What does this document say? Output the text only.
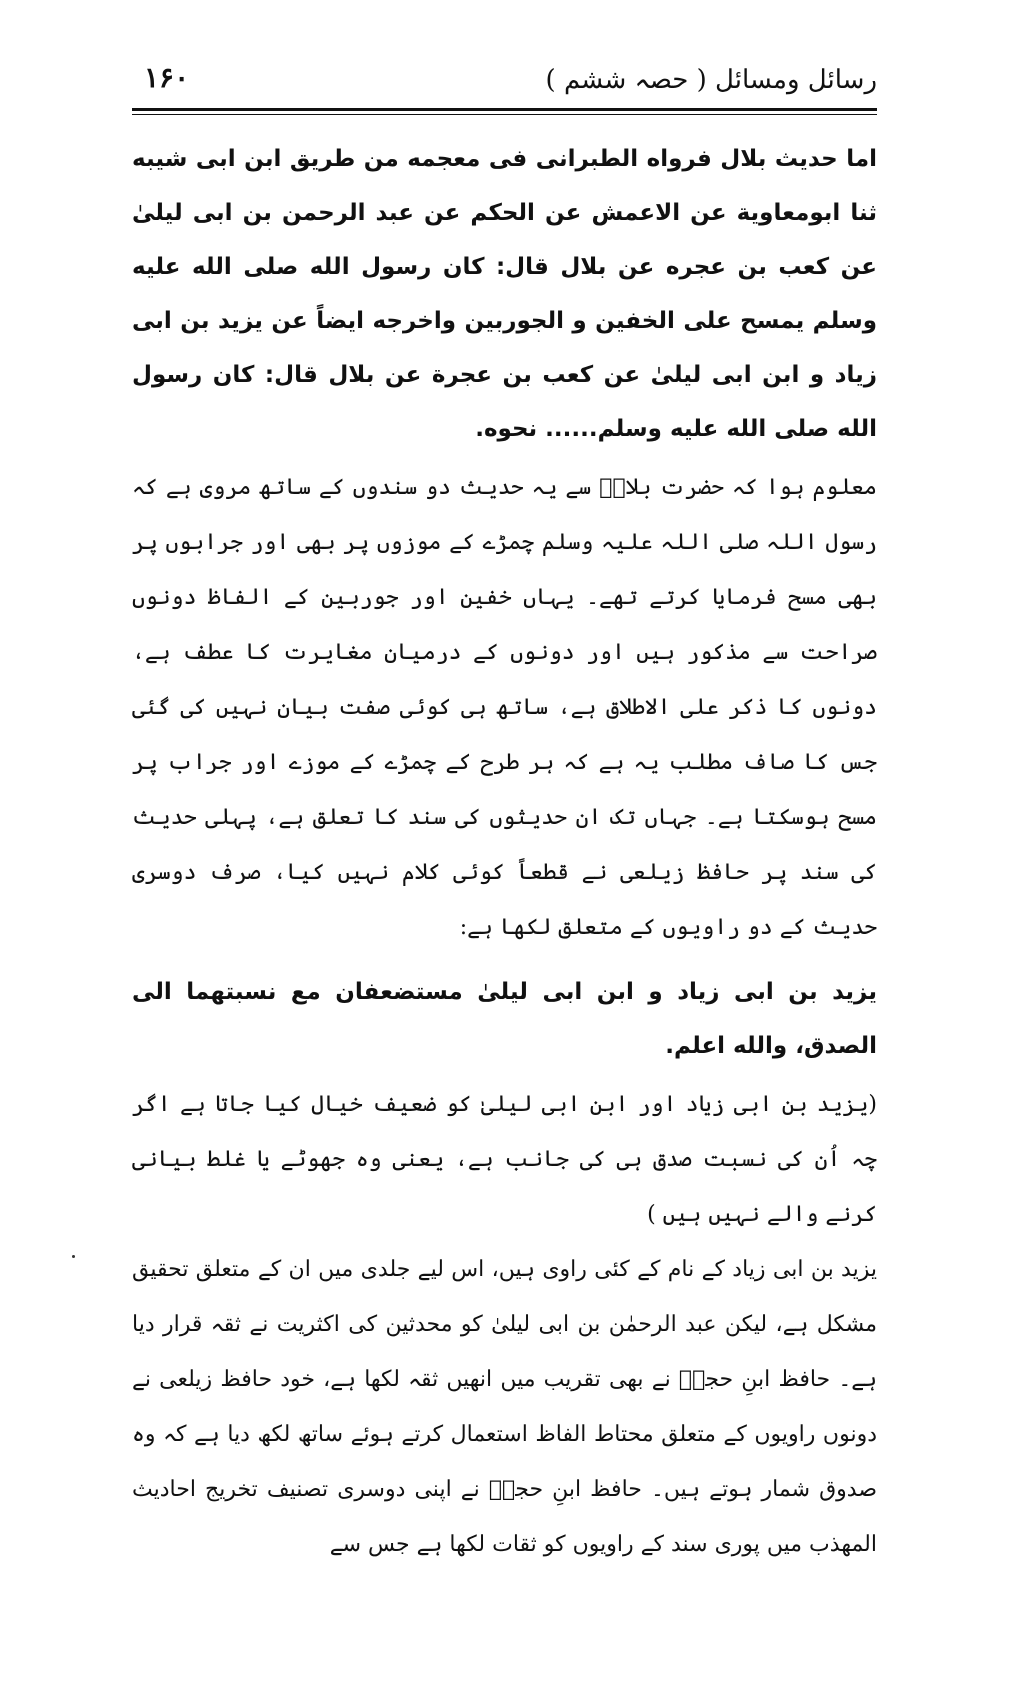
رسائل ومسائل ( حصہ ششم )
۱۶۰

اما حديث بلال فرواه الطبرانی فی معجمه من طريق ابن ابی شيبه ثنا ابومعاوية عن الاعمش عن الحكم عن عبد الرحمن بن ابی ليلیٰ عن كعب بن عجره عن بلال قال: كان رسول الله صلى الله عليه وسلم يمسح على الخفين و الجوربين واخرجه ايضاً عن يزيد بن ابی زياد و ابن ابی ليلیٰ عن كعب بن عجرة عن بلال قال: كان رسول الله صلى الله عليه وسلم...... نحوه.

معلوم ہوا کہ حضرت بلالؓ سے یہ حدیث دو سندوں کے ساتھ مروی ہے کہ رسول اللہ صلی اللہ علیہ وسلم چمڑے کے موزوں پر بھی اور جرابوں پر بھی مسح فرمایا کرتے تھے۔ یہاں خفین اور جوربین کے الفاظ دونوں صراحت سے مذکور ہیں اور دونوں کے درمیان مغایرت کا عطف ہے، دونوں کا ذکر علی الاطلاق ہے، ساتھ ہی کوئی صفت بیان نہیں کی گئی جس کا صاف مطلب یہ ہے کہ ہر طرح کے چمڑے کے موزے اور جراب پر مسح ہوسکتا ہے۔ جہاں تک ان حدیثوں کی سند کا تعلق ہے، پہلی حدیث کی سند پر حافظ زیلعی نے قطعاً کوئی کلام نہیں کیا، صرف دوسری حدیث کے دو راویوں کے متعلق لکھا ہے:

يزيد بن ابی زياد و ابن ابی ليلیٰ مستضعفان مع نسبتهما الى الصدق، والله اعلم.

(یزید بن ابی زیاد اور ابن ابی لیلیٰ کو ضعیف خیال کیا جاتا ہے اگر چہ اُن کی نسبت صدق ہی کی جانب ہے، یعنی وہ جھوٹے یا غلط بیانی کرنے والے نہیں ہیں )

یزید بن ابی زیاد کے نام کے کئی راوی ہیں، اس لیے جلدی میں ان کے متعلق تحقیق مشکل ہے، لیکن عبد الرحمٰن بن ابی لیلیٰ کو محدثین کی اکثریت نے ثقہ قرار دیا ہے۔ حافظ ابنِ حجرؒ نے بھی تقریب میں انھیں ثقہ لکھا ہے، خود حافظ زیلعی نے دونوں راویوں کے متعلق محتاط الفاظ استعمال کرتے ہوئے ساتھ لکھ دیا ہے کہ وہ صدوق شمار ہوتے ہیں۔ حافظ ابنِ حجرؒ نے اپنی دوسری تصنیف تخریج احادیث المھذب میں پوری سند کے راویوں کو ثقات لکھا ہے جس سے
